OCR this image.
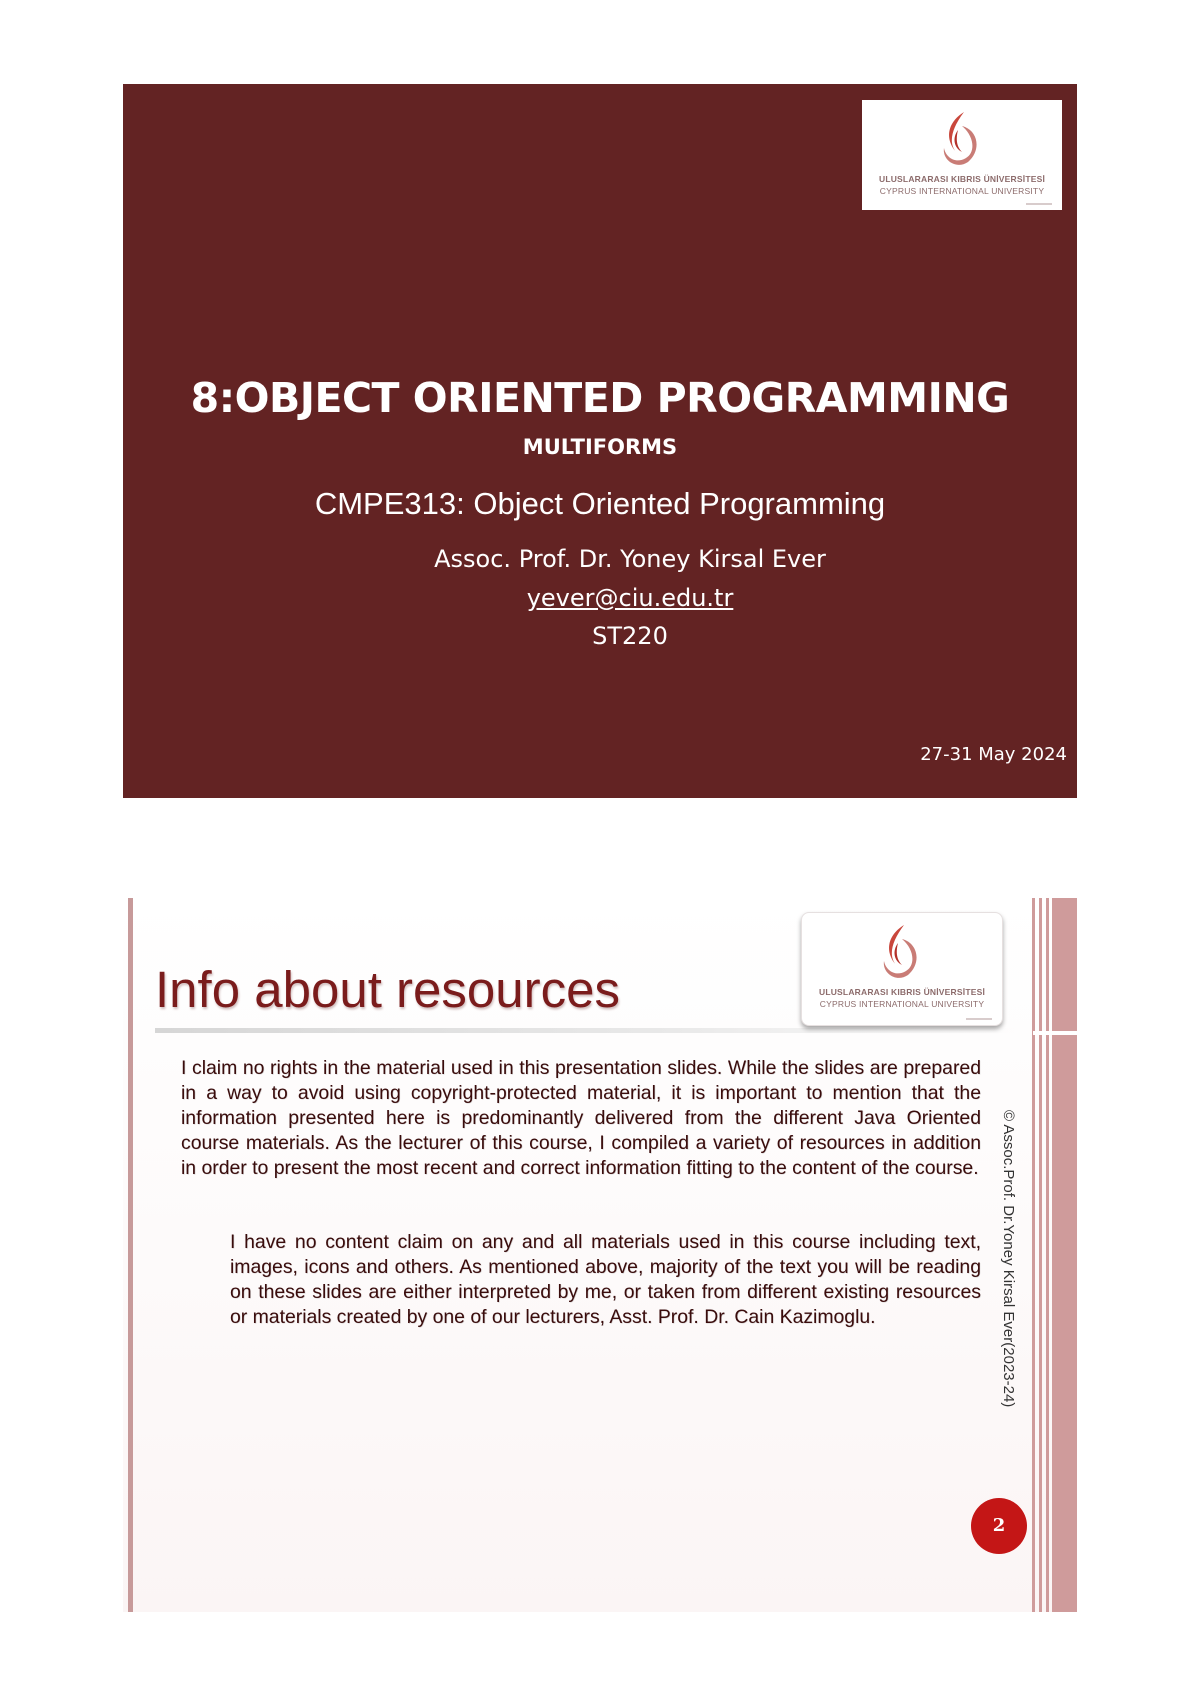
ULUSLARARASI KIBRIS ÜNİVERSİTESİ
CYPRUS INTERNATIONAL UNIVERSITY
8:OBJECT ORIENTED PROGRAMMING
MULTIFORMS
CMPE313: Object Oriented Programming
Assoc. Prof. Dr. Yoney Kirsal Ever
yever@ciu.edu.tr
ST220
27-31 May 2024
Info about resources	ULUSLARARASI KIBRIS ÜNİVERSİTESİ
CYPRUS INTERNATIONAL UNIVERSITY
I claim no rights in the material used in this presentation slides. While the slides are prepared in a way to avoid using copyright-protected material, it is important to mention that the information presented here is predominantly delivered from the different Java Oriented course materials. As the lecturer of this course, I compiled a variety of resources in addition in order to present the most recent and correct information fitting to the content of the course.
I have no content claim on any and all materials used in this course including text, images, icons and others. As mentioned above, majority of the text you will be reading on these slides are either interpreted by me, or taken from different existing resources or materials created by one of our lecturers, Asst. Prof. Dr. Cain Kazimoglu.	© Assoc.Prof. Dr.Yoney Kirsal Ever(2023-24)
2
